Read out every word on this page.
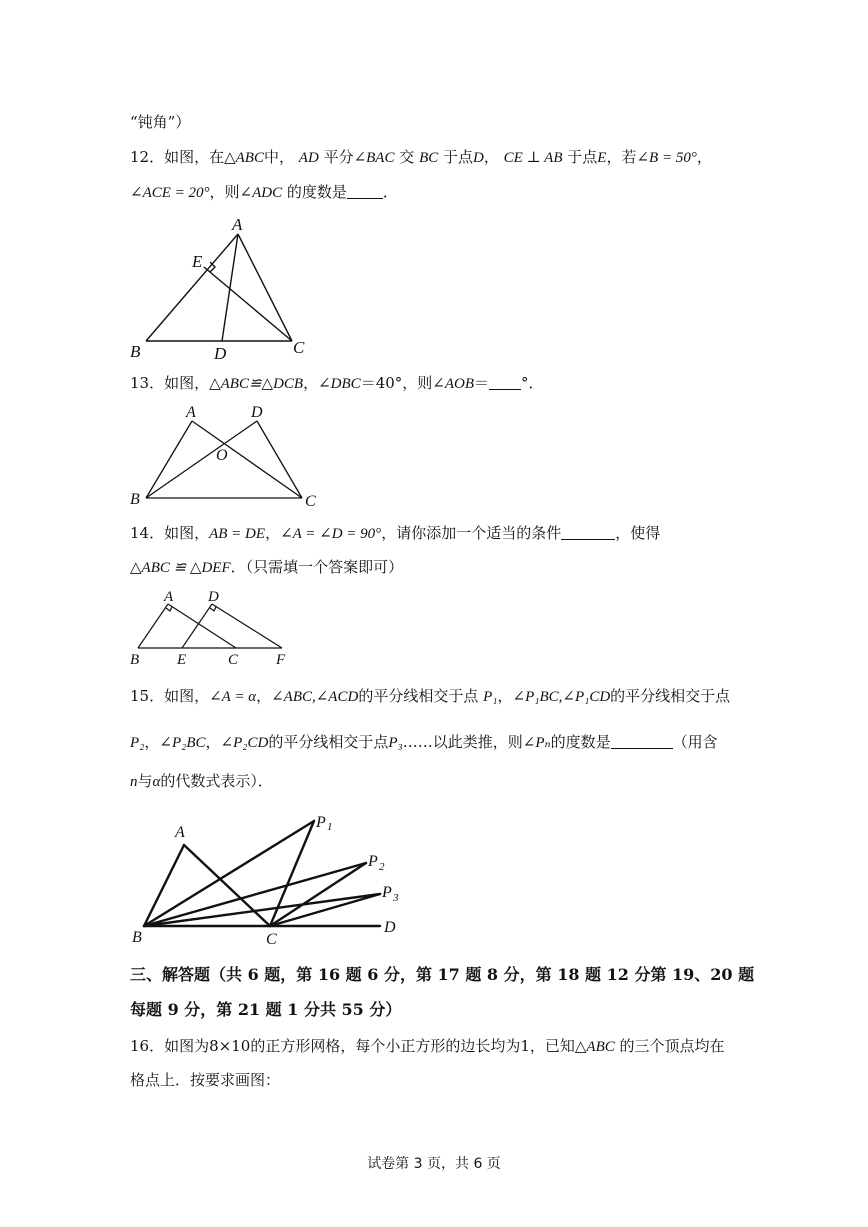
“钝角”）
12．如图，在△ABC中， AD 平分∠BAC 交 BC 于点D， CE ⊥ AB 于点E，若∠B = 50°，
∠ACE = 20°，则∠ADC 的度数是 ．
A
E
B	D	C
13．如图，△ABC≌△DCB，∠DBC＝40°，则∠AOB＝ °．
A	D
O
B	C
14．如图，AB = DE，∠A = ∠D = 90°，请你添加一个适当的条件	，使得
△ABC ≌ △DEF．（只需填一个答案即可）
A D
B	E	C	F
15．如图，∠A = α，∠ABC,∠ACD的平分线相交于点 P₁，∠P₁BC,∠P₁CD的平分线相交于点
P₂，∠P₂BC，∠P₂CD的平分线相交于点P₃……以此类推，则∠Pₙ的度数是	（用含
n与α的代数式表示）．
A
B	C
D
P 1
P 2
P 3
三、解答题（共 6 题，第 16 题 6 分，第 17 题 8 分，第 18 题 12 分第 19、20 题
每题 9 分，第 21 题 1 分共 55 分）
16．如图为8×10的正方形网格，每个小正方形的边长均为1，已知△ABC 的三个顶点均在
格点上．按要求画图：
试卷第 3 页，共 6 页
